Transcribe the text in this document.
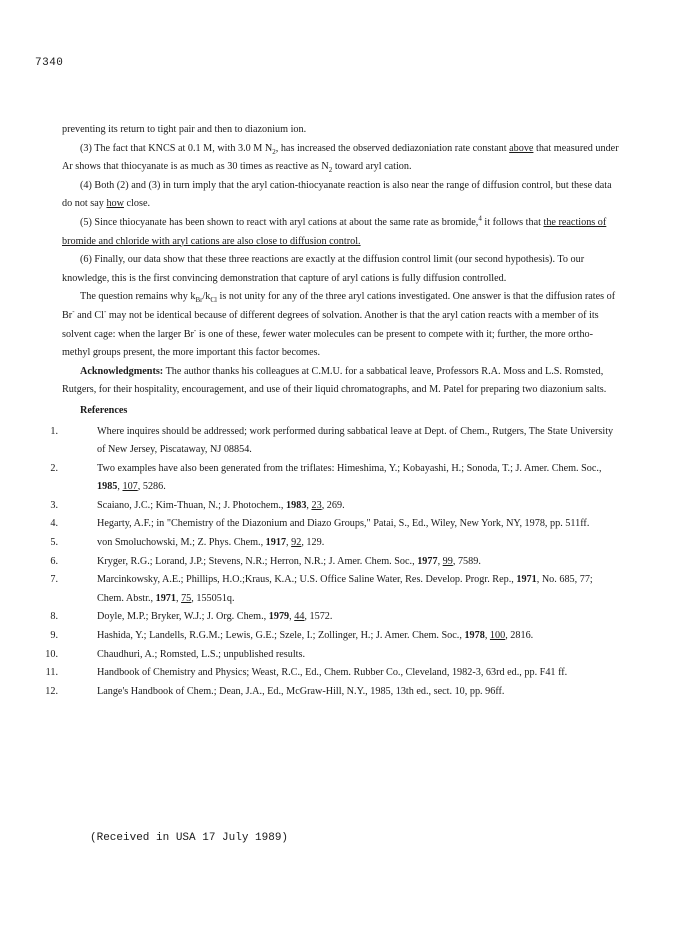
7340

preventing its return to tight pair and then to diazonium ion.

(3) The fact that KNCS at 0.1 M, with 3.0 M $N_2$, has increased the observed dediazoniation rate constant above that measured under Ar shows that thiocyanate is as much as 30 times as reactive as $N_2$ toward aryl cation.

(4) Both (2) and (3) in turn imply that the aryl cation-thiocyanate reaction is also near the range of diffusion control, but these data do not say how close.

(5) Since thiocyanate has been shown to react with aryl cations at about the same rate as bromide,$^4$ it follows that the reactions of bromide and chloride with aryl cations are also close to diffusion control.

(6) Finally, our data show that these three reactions are exactly at the diffusion control limit (our second hypothesis). To our knowledge, this is the first convincing demonstration that capture of aryl cations is fully diffusion controlled.

The question remains why $k_{Br}/k_{Cl}$ is not unity for any of the three aryl cations investigated. One answer is that the diffusion rates of Br- and Cl- may not be identical because of different degrees of solvation. Another is that the aryl cation reacts with a member of its solvent cage: when the larger Br- is one of these, fewer water molecules can be present to compete with it; further, the more ortho-methyl groups present, the more important this factor becomes.

Acknowledgments: The author thanks his colleagues at C.M.U. for a sabbatical leave, Professors R.A. Moss and L.S. Romsted, Rutgers, for their hospitality, encouragement, and use of their liquid chromatographs, and M. Patel for preparing two diazonium salts.

References
1.	Where inquires should be addressed; work performed during sabbatical leave at Dept. of Chem., Rutgers, The State University of New Jersey, Piscataway, NJ 08854.
2.	Two examples have also been generated from the triflates: Himeshima, Y.; Kobayashi, H.; Sonoda, T.; J. Amer. Chem. Soc., 1985, 107, 5286.
3.	Scaiano, J.C.; Kim-Thuan, N.; J. Photochem., 1983, 23, 269.
4.	Hegarty, A.F.; in "Chemistry of the Diazonium and Diazo Groups," Patai, S., Ed., Wiley, New York, NY, 1978, pp. 511ff.
5.	von Smoluchowski, M.; Z. Phys. Chem., 1917, 92, 129.
6.	Kryger, R.G.; Lorand, J.P.; Stevens, N.R.; Herron, N.R.; J. Amer. Chem. Soc., 1977, 99, 7589.
7.	Marcinkowsky, A.E.; Phillips, H.O.;Kraus, K.A.; U.S. Office Saline Water, Res. Develop. Progr. Rep., 1971, No. 685, 77; Chem. Abstr., 1971, 75, 155051q.
8.	Doyle, M.P.; Bryker, W.J.; J. Org. Chem., 1979, 44, 1572.
9.	Hashida, Y.; Landells, R.G.M.; Lewis, G.E.; Szele, I.; Zollinger, H.; J. Amer. Chem. Soc., 1978, 100, 2816.
10.	Chaudhuri, A.; Romsted, L.S.; unpublished results.
11.	Handbook of Chemistry and Physics; Weast, R.C., Ed., Chem. Rubber Co., Cleveland, 1982-3, 63rd ed., pp. F41 ff.
12.	Lange's Handbook of Chem.; Dean, J.A., Ed., McGraw-Hill, N.Y., 1985, 13th ed., sect. 10, pp. 96ff.
(Received in USA 17 July 1989)
